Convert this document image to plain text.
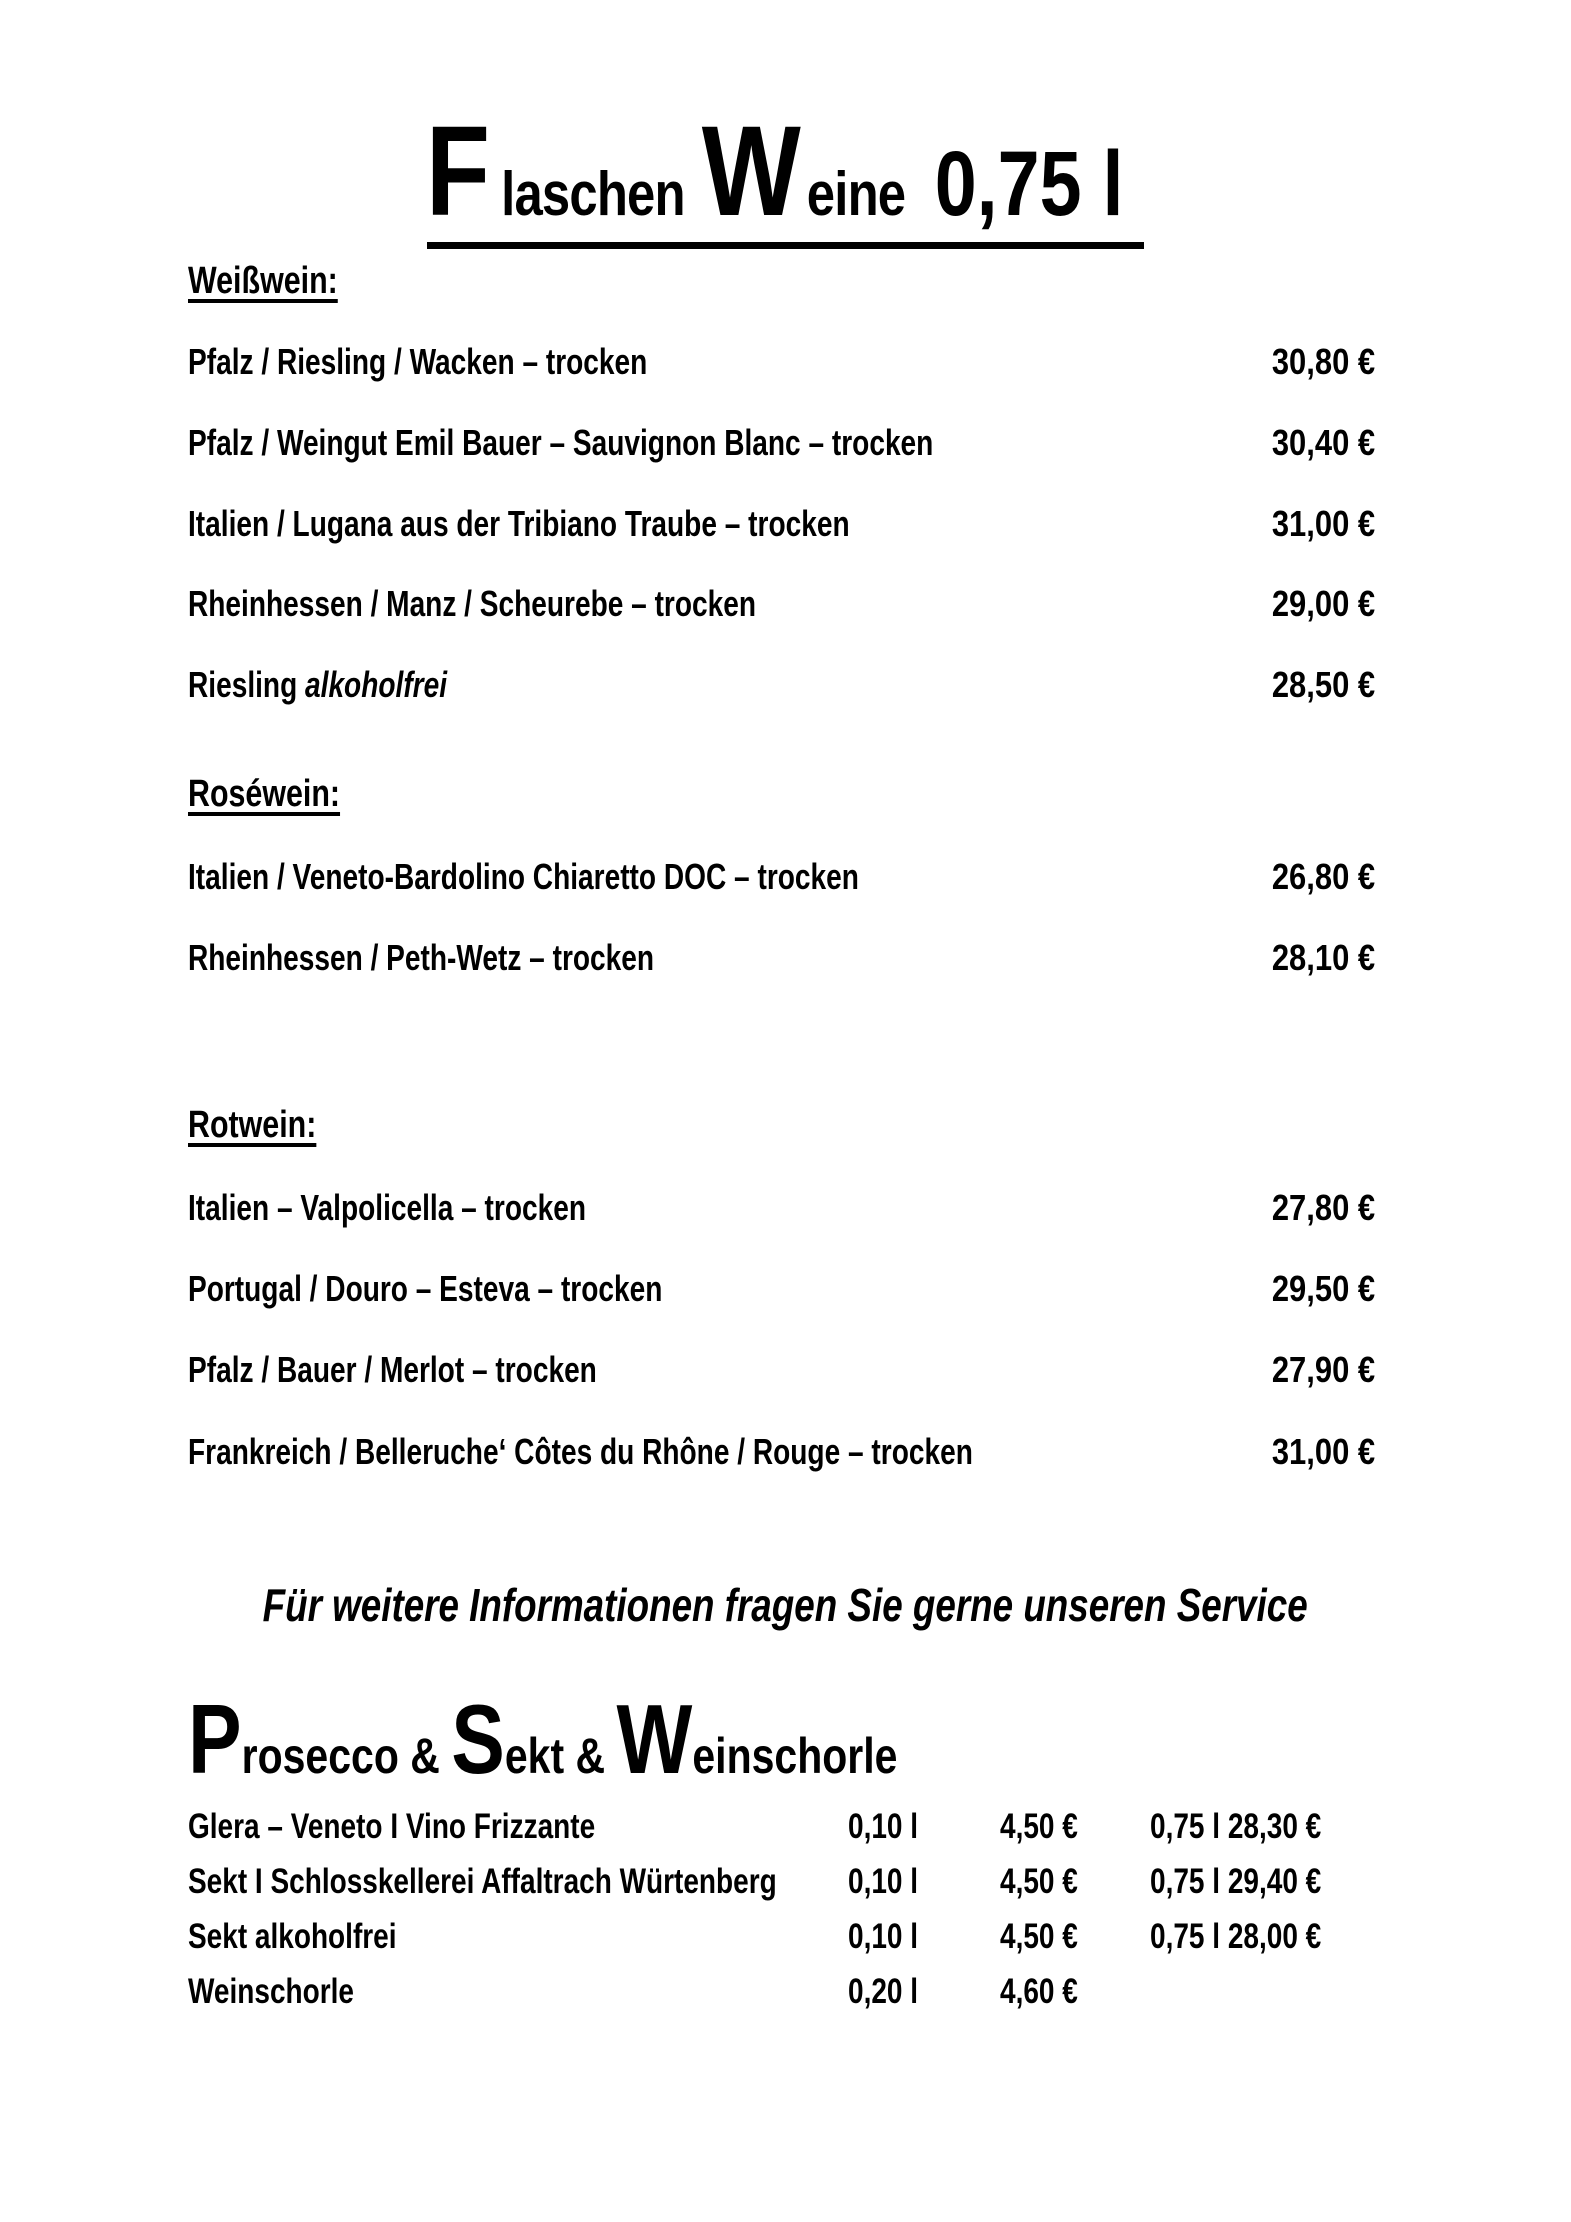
F laschenW eine0,75 l
Weißwein:
Pfalz / Riesling / Wacken – trocken	30,80 €
Pfalz / Weingut Emil Bauer – Sauvignon Blanc – trocken	30,40 €
Italien / Lugana aus der Tribiano Traube – trocken	31,00 €
Rheinhessen / Manz / Scheurebe – trocken	29,00 €
Riesling alkoholfrei	28,50 €
Roséwein:
Italien / Veneto-Bardolino Chiaretto DOC – trocken	26,80 €
Rheinhessen / Peth-Wetz – trocken	28,10 €
Rotwein:
Italien – Valpolicella – trocken	27,80 €
Portugal / Douro – Esteva – trocken	29,50 €
Pfalz / Bauer / Merlot – trocken	27,90 €
Frankreich / Belleruche‘ Côtes du Rhône / Rouge – trocken	31,00 €
Für weitere Informationen fragen Sie gerne unseren Service
Prosecco & Sekt & Weinschorle
Glera – Veneto I Vino Frizzante	0,10 l	4,50 €	0,75 l 28,30 €
Sekt I Schlosskellerei Affaltrach Würtenberg	0,10 l	4,50 €	0,75 l 29,40 €
Sekt alkoholfrei	0,10 l	4,50 €	0,75 l 28,00 €
Weinschorle	0,20 l	4,60 €
